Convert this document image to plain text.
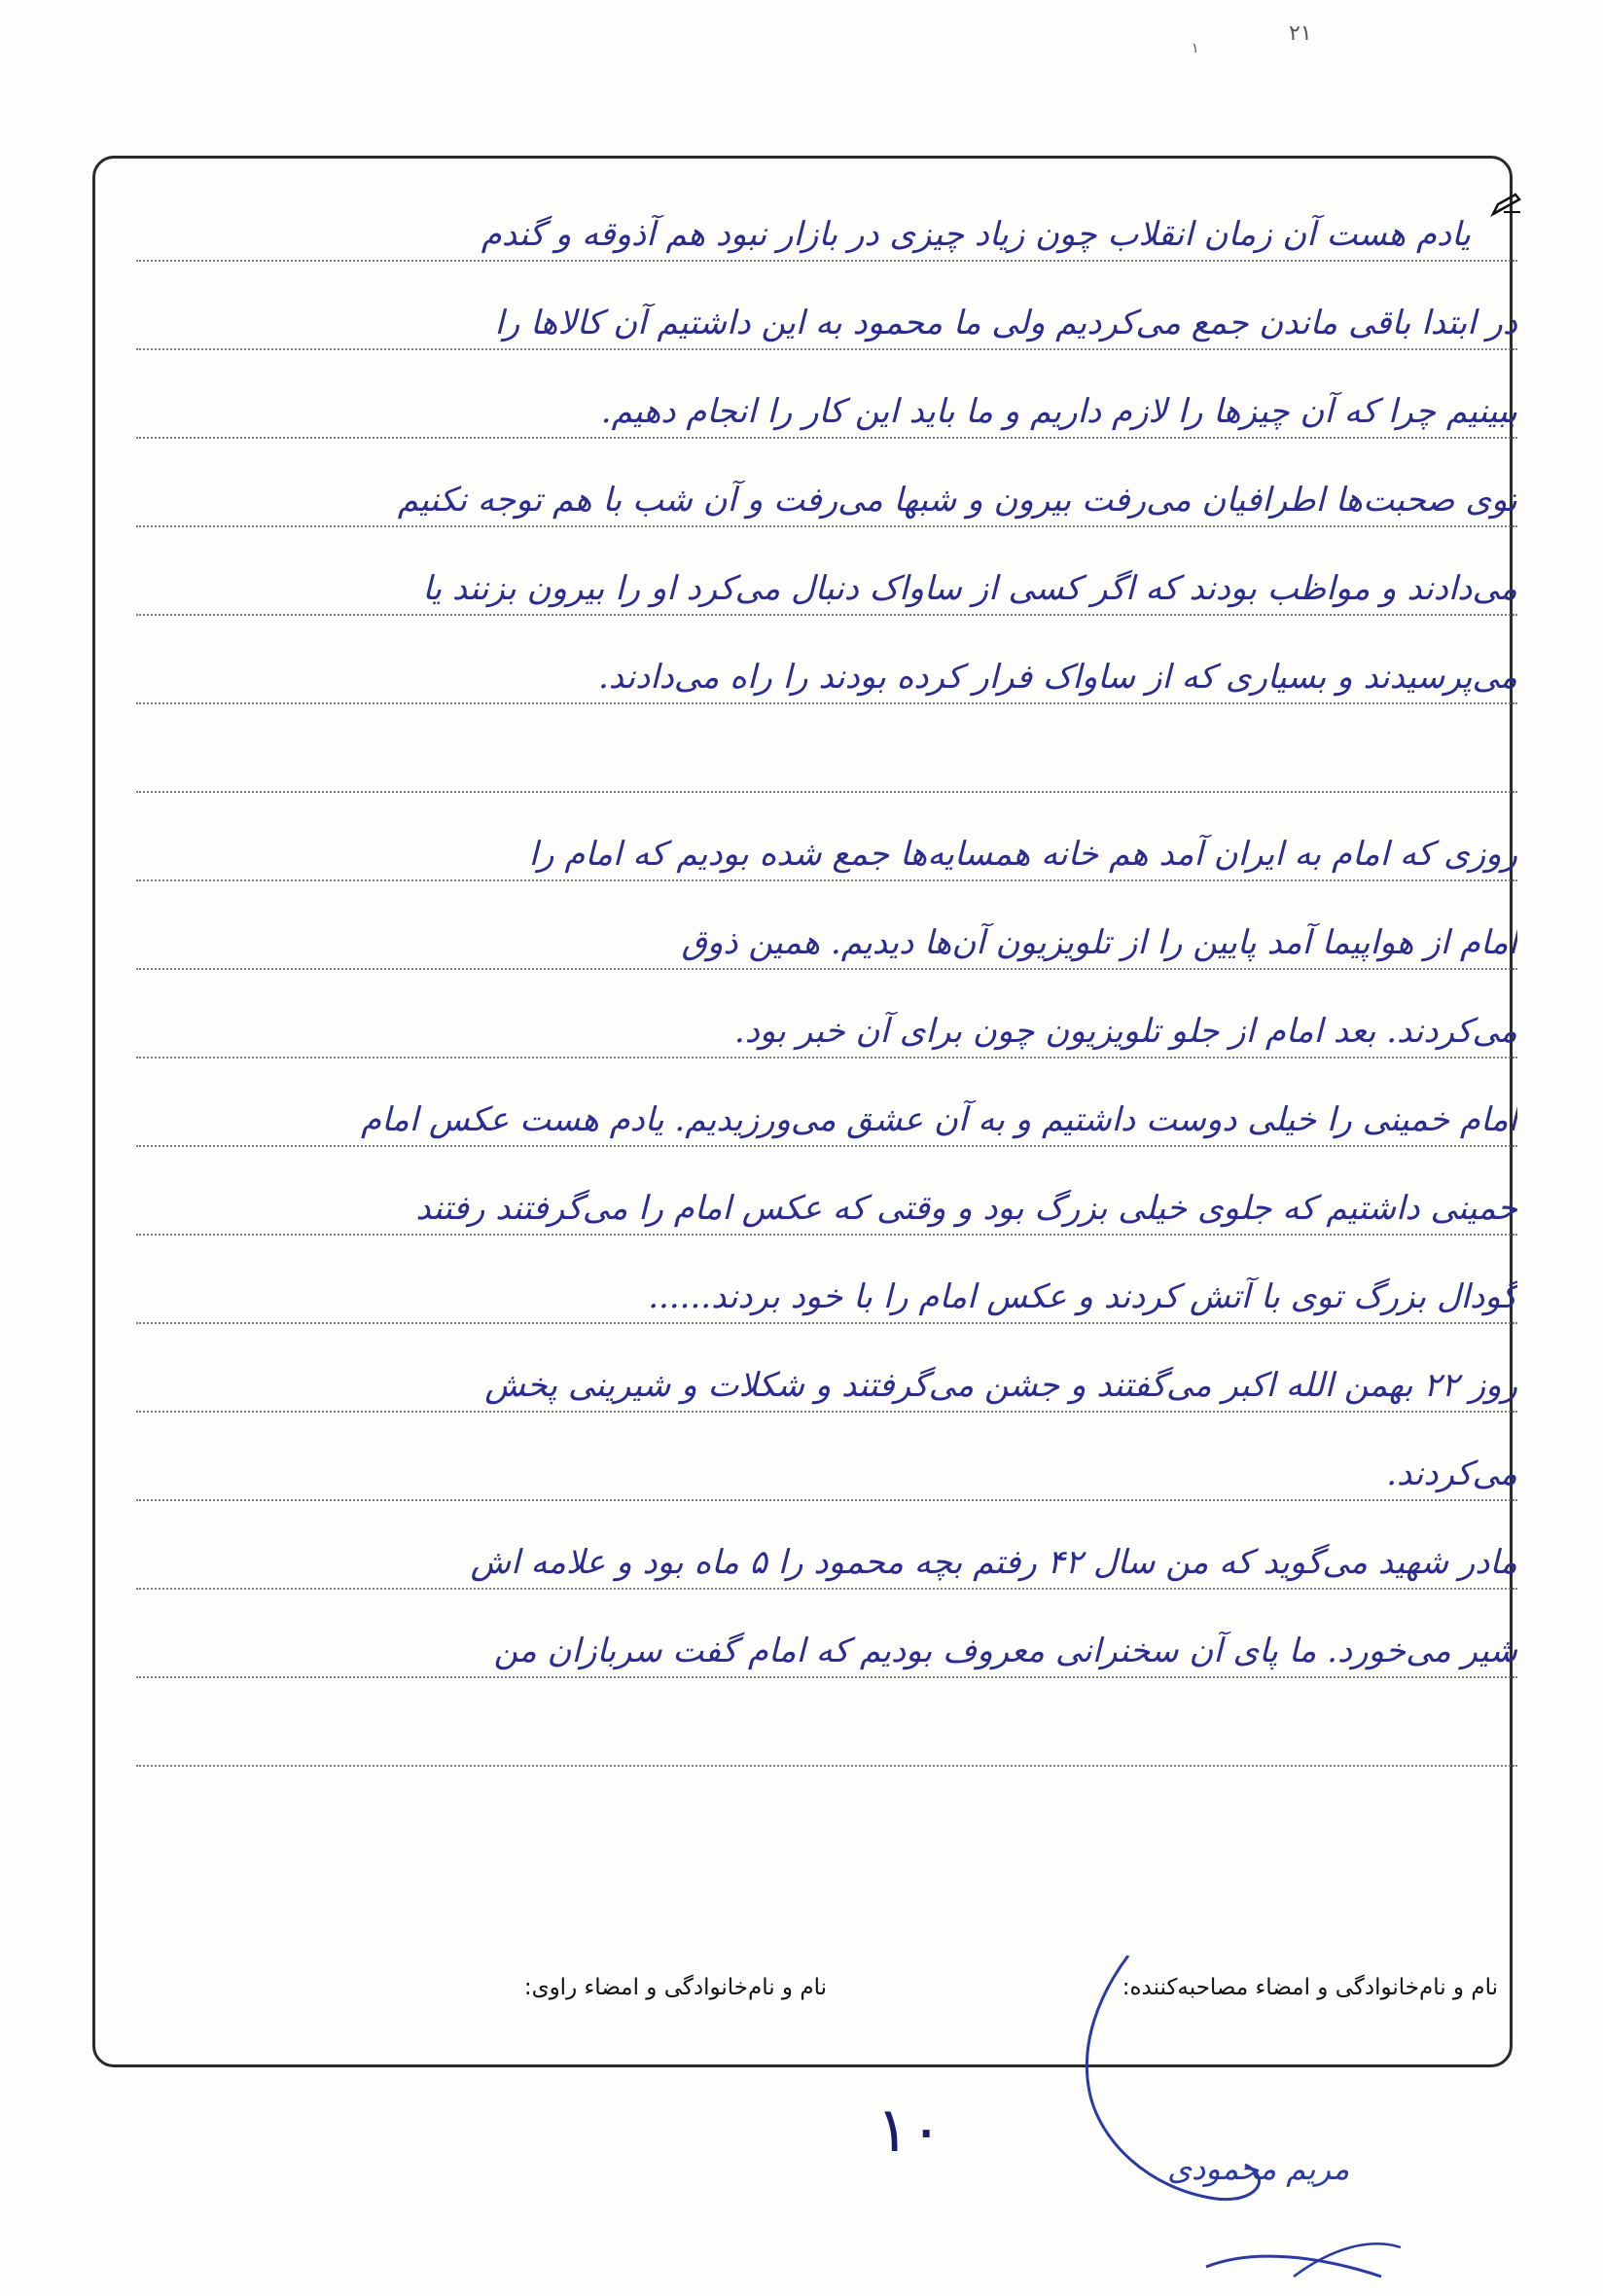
۱
۲۱
یادم هست آن زمان انقلاب چون زیاد چیزی در بازار نبود هم آذوقه و گندم
در ابتدا باقی ماندن جمع می‌کردیم ولی ما محمود به این داشتیم آن کالاها را
ببینیم چرا که آن چیزها را لازم داریم و ما باید این کار را انجام دهیم.
توی صحبت‌ها اطرافیان می‌رفت بیرون و شبها می‌رفت و آن شب با هم توجه نکنیم
می‌دادند و مواظب بودند که اگر کسی از ساواک دنبال می‌کرد او را بیرون بزنند یا
می‌پرسیدند و بسیاری که از ساواک فرار کرده بودند را راه می‌دادند.
روزی که امام به ایران آمد هم خانه همسایه‌ها جمع شده بودیم که امام را
امام از هواپیما آمد پایین را از تلویزیون آن‌ها دیدیم. همین ذوق
می‌کردند. بعد امام از جلو تلویزیون چون برای آن خبر بود.
امام خمینی را خیلی دوست داشتیم و به آن عشق می‌ورزیدیم. یادم هست عکس امام
خمینی داشتیم که جلوی خیلی بزرگ بود و وقتی که عکس امام را می‌گرفتند رفتند
گودال بزرگ توی با آتش کردند و عکس امام را با خود بردند......
روز ۲۲ بهمن الله اکبر می‌گفتند و جشن می‌گرفتند و شکلات و شیرینی پخش
می‌کردند.
مادر شهید می‌گوید که من سال ۴۲ رفتم بچه محمود را ۵ ماه بود و علامه اش
شیر می‌خورد. ما پای آن سخنرانی معروف بودیم که امام گفت سربازان من
نام و نام‌خانوادگی و امضاء مصاحبه‌کننده:
نام و نام‌خانوادگی و امضاء راوی:
۱۰
مریم محمودی
